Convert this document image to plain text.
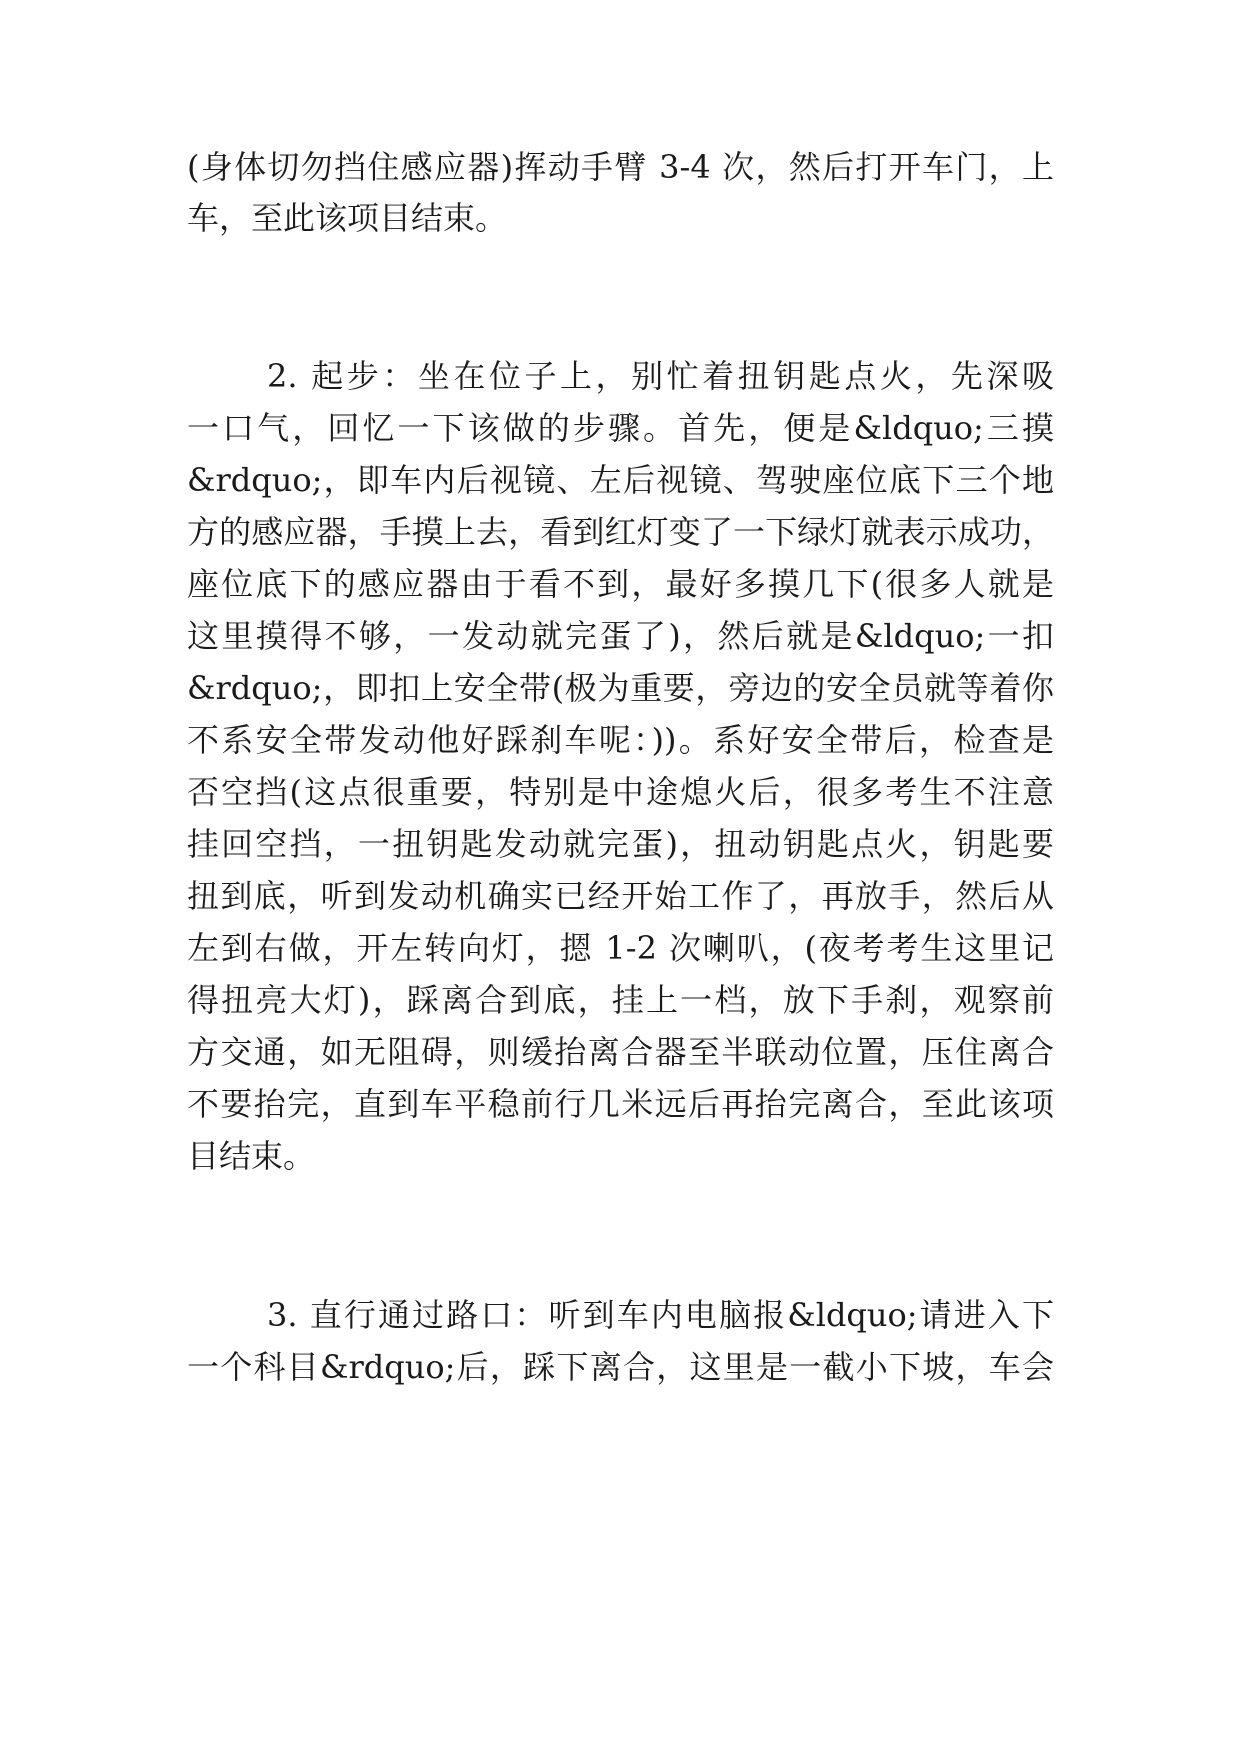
(身体切勿挡住感应器)挥动手臂 3-4 次，然后打开车门，上
车，至此该项目结束。
2. 起步：坐在位子上，别忙着扭钥匙点火，先深吸
一口气，回忆一下该做的步骤。首先，便是&ldquo;三摸
&rdquo;，即车内后视镜、左后视镜、驾驶座位底下三个地
方的感应器，手摸上去，看到红灯变了一下绿灯就表示成功，
座位底下的感应器由于看不到，最好多摸几下(很多人就是
这里摸得不够，一发动就完蛋了)，然后就是&ldquo;一扣
&rdquo;，即扣上安全带(极为重要，旁边的安全员就等着你
不系安全带发动他好踩刹车呢：))。系好安全带后，检查是
否空挡(这点很重要，特别是中途熄火后，很多考生不注意
挂回空挡，一扭钥匙发动就完蛋)，扭动钥匙点火，钥匙要
扭到底，听到发动机确实已经开始工作了，再放手，然后从
左到右做，开左转向灯，摁 1-2 次喇叭，(夜考考生这里记
得扭亮大灯)，踩离合到底，挂上一档，放下手刹，观察前
方交通，如无阻碍，则缓抬离合器至半联动位置，压住离合
不要抬完，直到车平稳前行几米远后再抬完离合，至此该项
目结束。
3. 直行通过路口：听到车内电脑报&ldquo;请进入下
一个科目&rdquo;后，踩下离合，这里是一截小下坡，车会
